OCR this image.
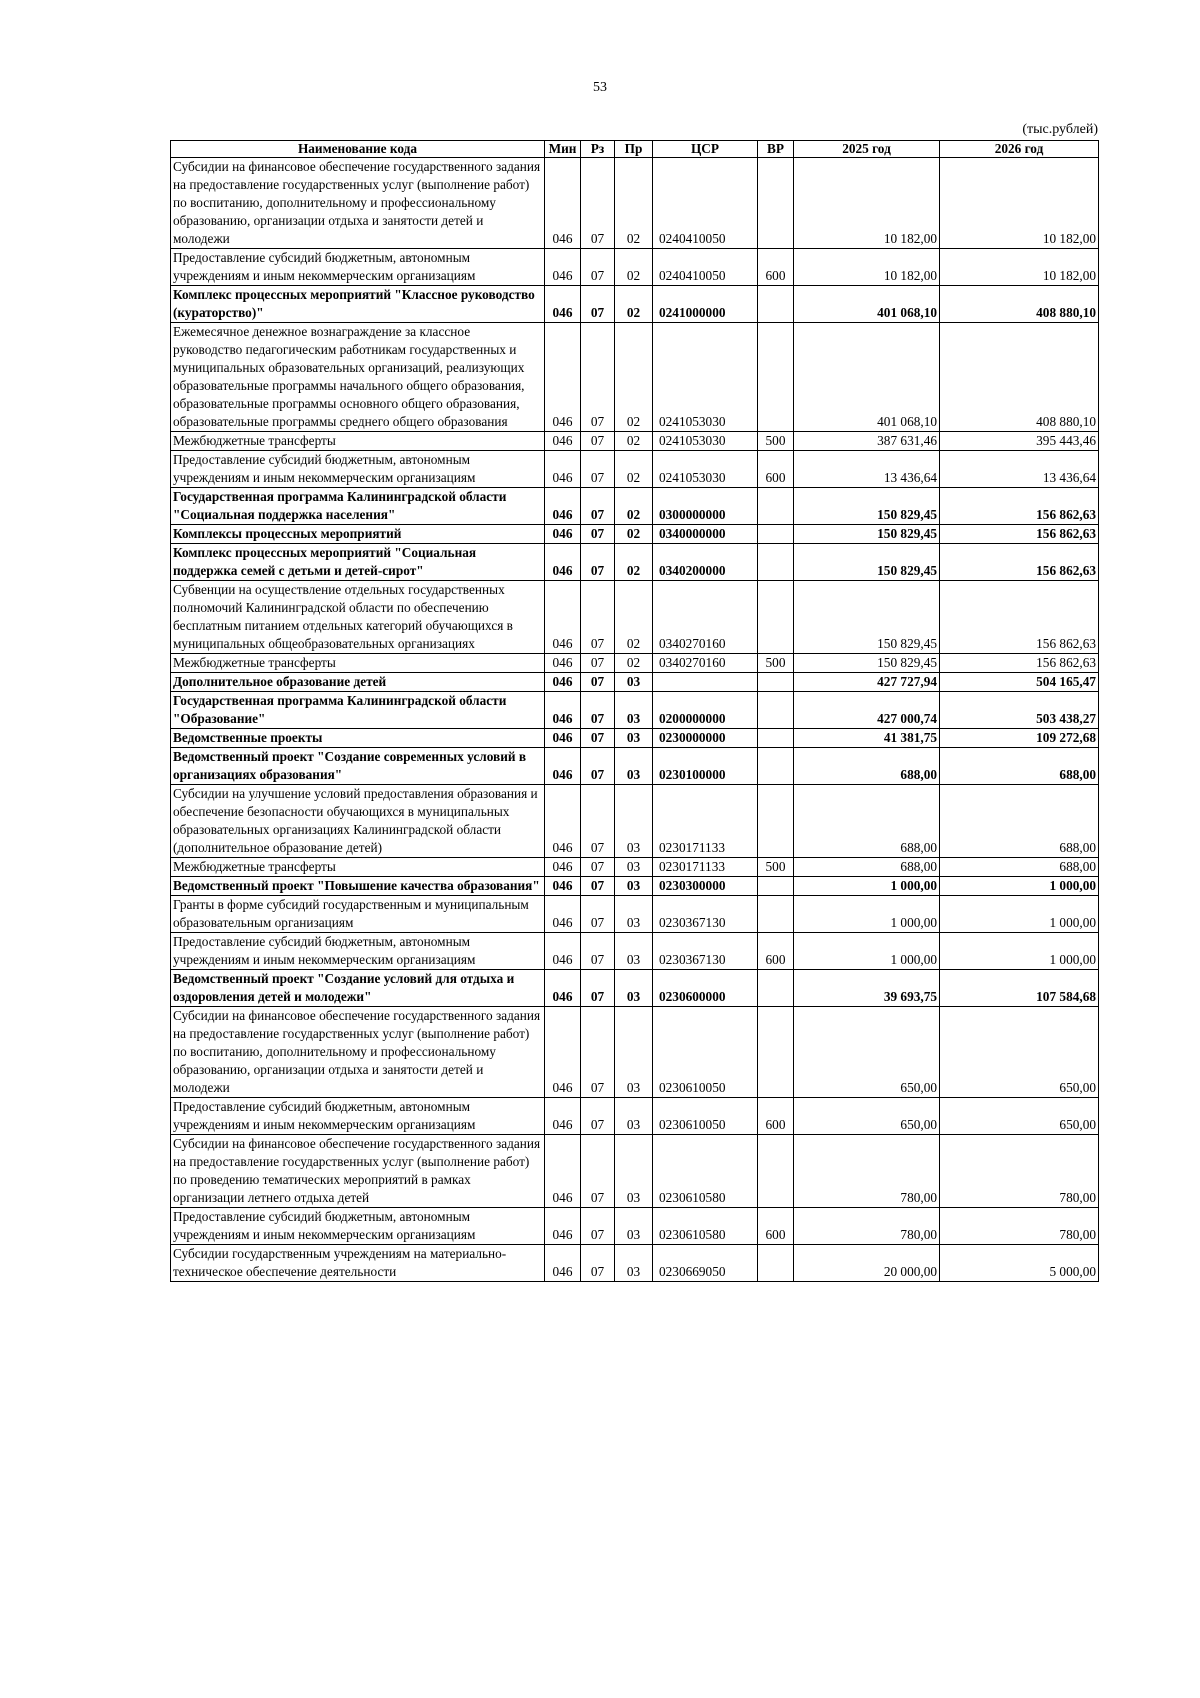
53
(тыс.рублей)
Наименование кода	Мин	Рз	Пр	ЦСР	ВР	2025 год	2026 год
Субсидии на финансовое обеспечение государственного задания на предоставление государственных услуг (выполнение работ) по воспитанию, дополнительному и профессиональному образованию, организации отдыха и занятости детей и молодежи	046	07	02	0240410050		10 182,00	10 182,00
Предоставление субсидий бюджетным, автономным учреждениям и иным некоммерческим организациям	046	07	02	0240410050	600	10 182,00	10 182,00
Комплекс процессных мероприятий "Классное руководство (кураторство)"	046	07	02	0241000000		401 068,10	408 880,10
Ежемесячное денежное вознаграждение за классное руководство педагогическим работникам государственных и муниципальных образовательных организаций, реализующих образовательные программы начального общего образования, образовательные программы основного общего образования, образовательные программы среднего общего образования	046	07	02	0241053030		401 068,10	408 880,10
Межбюджетные трансферты	046	07	02	0241053030	500	387 631,46	395 443,46
Предоставление субсидий бюджетным, автономным учреждениям и иным некоммерческим организациям	046	07	02	0241053030	600	13 436,64	13 436,64
Государственная программа Калининградской области "Социальная поддержка населения"	046	07	02	0300000000		150 829,45	156 862,63
Комплексы процессных мероприятий	046	07	02	0340000000		150 829,45	156 862,63
Комплекс процессных мероприятий "Социальная поддержка семей с детьми и детей-сирот"	046	07	02	0340200000		150 829,45	156 862,63
Субвенции на осуществление отдельных государственных полномочий Калининградской области по обеспечению бесплатным питанием отдельных категорий обучающихся в муниципальных общеобразовательных организациях	046	07	02	0340270160		150 829,45	156 862,63
Межбюджетные трансферты	046	07	02	0340270160	500	150 829,45	156 862,63
Дополнительное образование детей	046	07	03			427 727,94	504 165,47
Государственная программа Калининградской области "Образование"	046	07	03	0200000000		427 000,74	503 438,27
Ведомственные проекты	046	07	03	0230000000		41 381,75	109 272,68
Ведомственный проект "Создание современных условий в организациях образования"	046	07	03	0230100000		688,00	688,00
Субсидии на улучшение условий предоставления образования и обеспечение безопасности обучающихся в муниципальных образовательных организациях Калининградской области (дополнительное образование детей)	046	07	03	0230171133		688,00	688,00
Межбюджетные трансферты	046	07	03	0230171133	500	688,00	688,00
Ведомственный проект "Повышение качества образования"	046	07	03	0230300000		1 000,00	1 000,00
Гранты в форме субсидий государственным и муниципальным образовательным организациям	046	07	03	0230367130		1 000,00	1 000,00
Предоставление субсидий бюджетным, автономным учреждениям и иным некоммерческим организациям	046	07	03	0230367130	600	1 000,00	1 000,00
Ведомственный проект "Создание условий для отдыха и оздоровления детей и молодежи"	046	07	03	0230600000		39 693,75	107 584,68
Субсидии на финансовое обеспечение государственного задания на предоставление государственных услуг (выполнение работ) по воспитанию, дополнительному и профессиональному образованию, организации отдыха и занятости детей и молодежи	046	07	03	0230610050		650,00	650,00
Предоставление субсидий бюджетным, автономным учреждениям и иным некоммерческим организациям	046	07	03	0230610050	600	650,00	650,00
Субсидии на финансовое обеспечение государственного задания на предоставление государственных услуг (выполнение работ) по проведению тематических мероприятий в рамках организации летнего отдыха детей	046	07	03	0230610580		780,00	780,00
Предоставление субсидий бюджетным, автономным учреждениям и иным некоммерческим организациям	046	07	03	0230610580	600	780,00	780,00
Субсидии государственным учреждениям на материально-техническое обеспечение деятельности	046	07	03	0230669050		20 000,00	5 000,00
